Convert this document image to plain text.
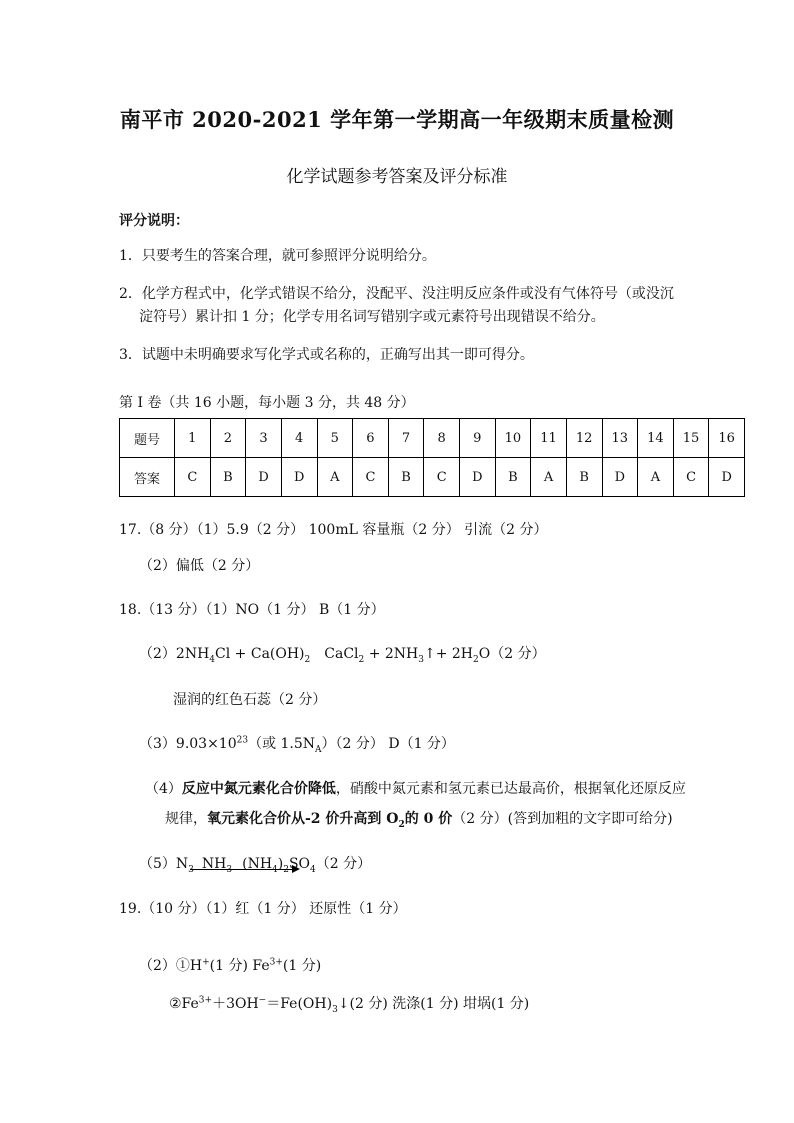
南平市 2020-2021 学年第一学期高一年级期末质量检测
化学试题参考答案及评分标准
评分说明：
1．只要考生的答案合理，就可参照评分说明给分。
2．化学方程式中，化学式错误不给分，没配平、没注明反应条件或没有气体符号（或没沉
淀符号）累计扣 1 分；化学专用名词写错别字或元素符号出现错误不给分。
3．试题中未明确要求写化学式或名称的，正确写出其一即可得分。
第 I 卷（共 16 小题，每小题 3 分，共 48 分）
题号	1	2	3	4	5	6	7	8	9	10	11	12	13	14	15	16
答案	C	B	D	D	A	C	B	C	D	B	A	B	D	A	C	D
17.（8 分）（1）5.9（2 分） 100mL 容量瓶（2 分） 引流（2 分）
（2）偏低（2 分）
18.（13 分）（1）NO（1 分） B（1 分）
$(2)2NH_4Cl + Ca(OH)_2$ CaCl$_2$ + $2NH_3↑+ 2H_2O(2$ 分）
湿润的红色石蕊（2 分）
$(3)9.03\times 10^{23}$（或 $1.5N_A)(2$ 分） D（1 分）
（4）反应中氮元素化合价降低，硝酸中氮元素和氢元素已达最高价，根据氧化还原反应
规律，氧元素化合价从-2 价升高到 $O_2$的 0 价（2 分）(答到加粗的文字即可给分)
$(5)N_3$ $NH_3$ $(NH_4)_2SO_4(2$ 分）
19.（10 分）（1）红（1 分） 还原性（1 分）
（2）①H+(1 分) $Fe^{3+}(1$ 分)
$②Fe^{3+}+3OH^-=Fe(OH)_3↓(2$ 分) 洗涤(1 分) 坩埚(1 分)
